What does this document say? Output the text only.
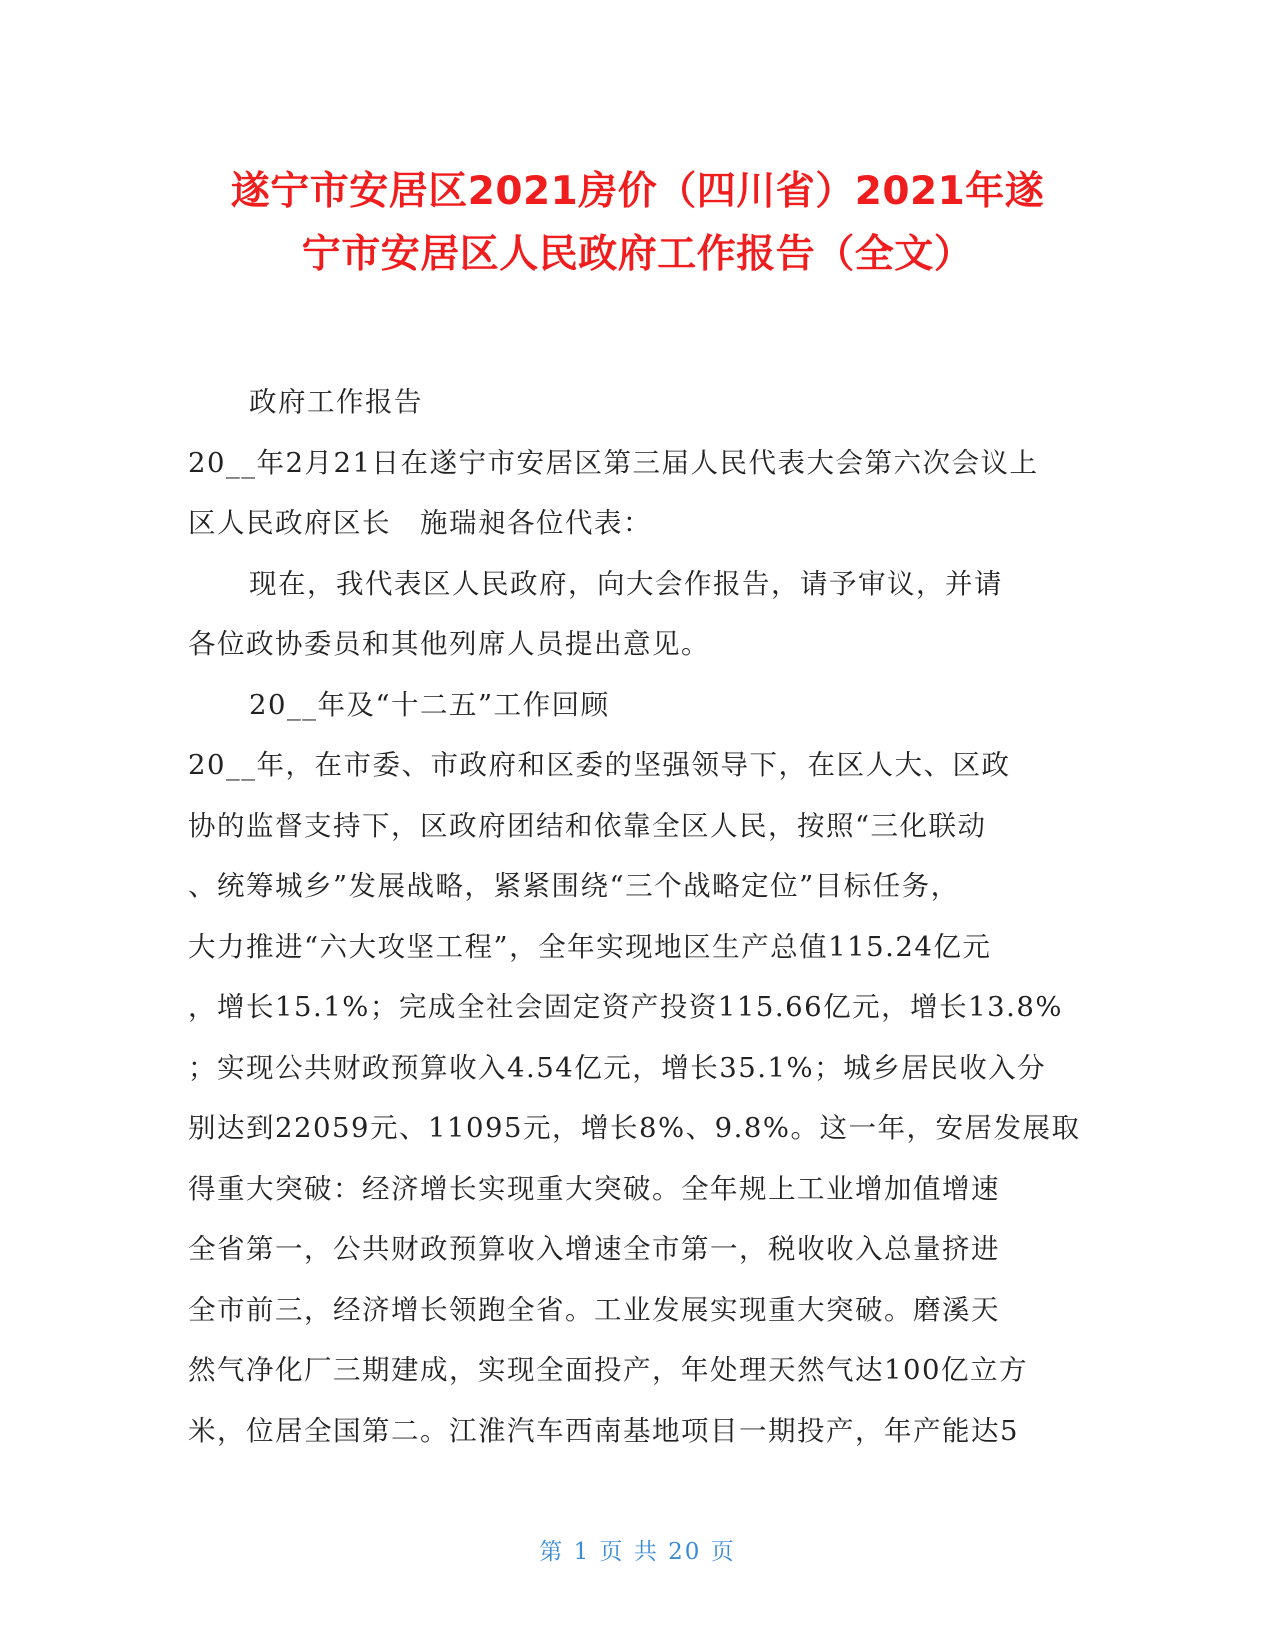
遂宁市安居区2021房价（四川省）2021年遂
宁市安居区人民政府工作报告（全文）
政府工作报告
20__年2月21日在遂宁市安居区第三届人民代表大会第六次会议上
区人民政府区长　施瑞昶各位代表：
现在，我代表区人民政府，向大会作报告，请予审议，并请
各位政协委员和其他列席人员提出意见。
20__年及“十二五”工作回顾
20__年，在市委、市政府和区委的坚强领导下，在区人大、区政
协的监督支持下，区政府团结和依靠全区人民，按照“三化联动
、统筹城乡”发展战略，紧紧围绕“三个战略定位”目标任务，
大力推进“六大攻坚工程”，全年实现地区生产总值115.24亿元
，增长15.1%；完成全社会固定资产投资115.66亿元，增长13.8%
；实现公共财政预算收入4.54亿元，增长35.1%；城乡居民收入分
别达到22059元、11095元，增长8%、9.8%。这一年，安居发展取
得重大突破：经济增长实现重大突破。全年规上工业增加值增速
全省第一，公共财政预算收入增速全市第一，税收收入总量挤进
全市前三，经济增长领跑全省。工业发展实现重大突破。磨溪天
然气净化厂三期建成，实现全面投产，年处理天然气达100亿立方
米，位居全国第二。江淮汽车西南基地项目一期投产，年产能达5
第 1 页 共 20 页
